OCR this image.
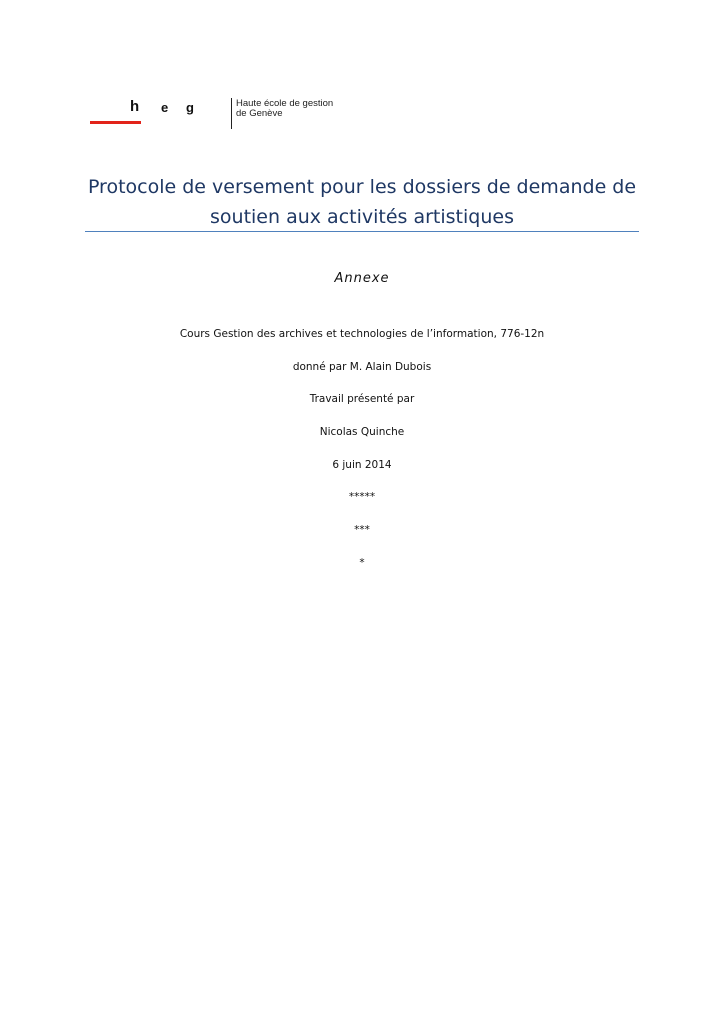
h e g	Haute école de gestion
de Genève
Protocole de versement pour les dossiers de demande de soutien aux activités artistiques
Annexe
Cours Gestion des archives et technologies de l’information, 776-12n
donné par M. Alain Dubois
Travail présenté par
Nicolas Quinche
6 juin 2014
*****
***
*
